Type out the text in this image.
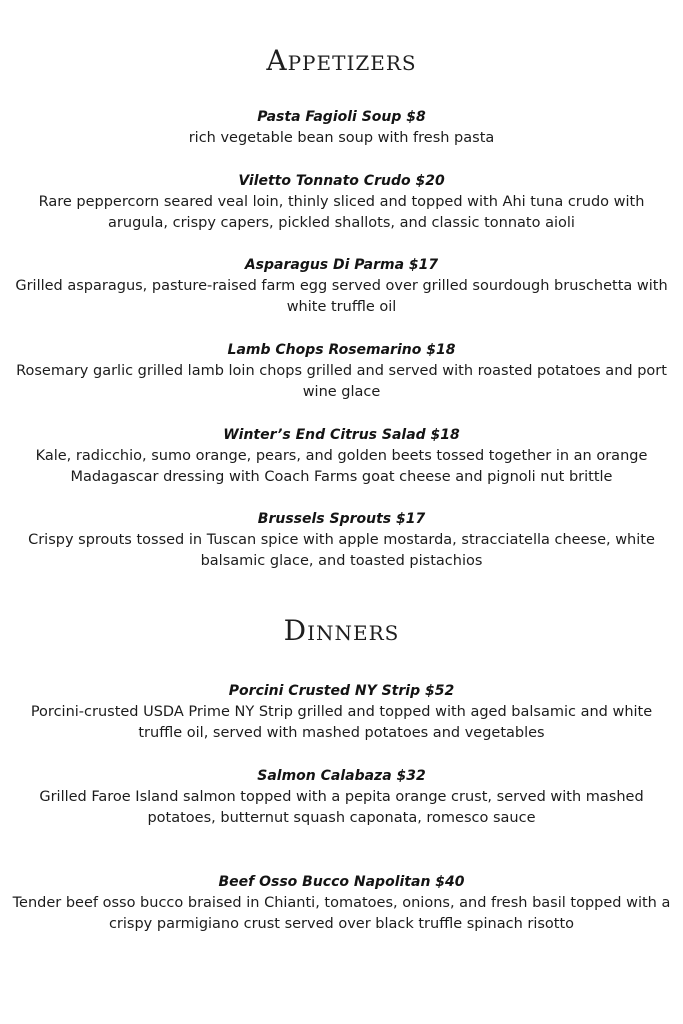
Appetizers
Pasta Fagioli Soup $8
rich vegetable bean soup with fresh pasta
Viletto Tonnato Crudo $20
Rare peppercorn seared veal loin, thinly sliced and topped with Ahi tuna crudo with arugula, crispy capers, pickled shallots, and classic tonnato aioli
Asparagus Di Parma $17
Grilled asparagus, pasture-raised farm egg served over grilled sourdough bruschetta with white truffle oil
Lamb Chops Rosemarino $18
Rosemary garlic grilled lamb loin chops grilled and served with roasted potatoes and port wine glace
Winter’s End Citrus Salad $18
Kale, radicchio, sumo orange, pears, and golden beets tossed together in an orange Madagascar dressing with Coach Farms goat cheese and pignoli nut brittle
Brussels Sprouts $17
Crispy sprouts tossed in Tuscan spice with apple mostarda, stracciatella cheese, white balsamic glace, and toasted pistachios
Dinners
Porcini Crusted NY Strip $52
Porcini-crusted USDA Prime NY Strip grilled and topped with aged balsamic and white truffle oil, served with mashed potatoes and vegetables
Salmon Calabaza $32
Grilled Faroe Island salmon topped with a pepita orange crust, served with mashed potatoes, butternut squash caponata, romesco sauce
Beef Osso Bucco Napolitan $40
Tender beef osso bucco braised in Chianti, tomatoes, onions, and fresh basil topped with a crispy parmigiano crust served over black truffle spinach risotto
